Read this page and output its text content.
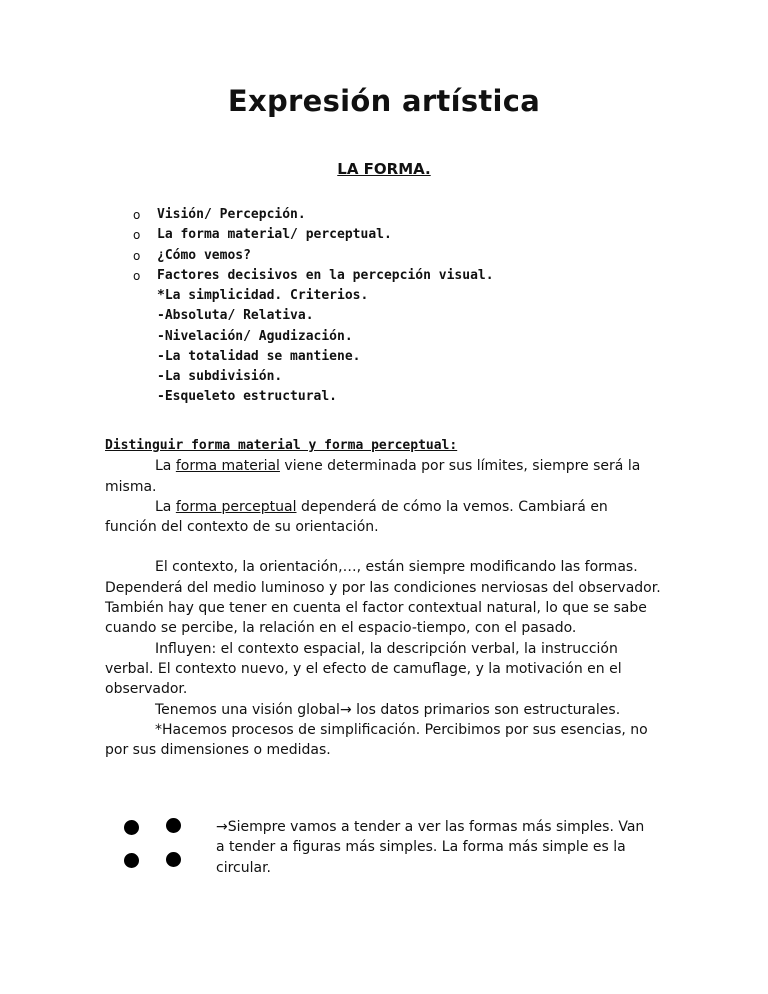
Expresión artística
LA FORMA.
o Visión/ Percepción.
o La forma material/ perceptual.
o ¿Cómo vemos?
o Factores decisivos en la percepción visual.
*La simplicidad. Criterios.
-Absoluta/ Relativa.
-Nivelación/ Agudización.
-La totalidad se mantiene.
-La subdivisión.
-Esqueleto estructural.

Distinguir forma material y forma perceptual:

La forma material viene determinada por sus límites, siempre será la misma.

La forma perceptual dependerá de cómo la vemos. Cambiará en función del contexto de su orientación.

El contexto, la orientación,…, están siempre modificando las formas. Dependerá del medio luminoso y por las condiciones nerviosas del observador. También hay que tener en cuenta el factor contextual natural, lo que se sabe cuando se percibe, la relación en el espacio-tiempo, con el pasado.

Influyen: el contexto espacial, la descripción verbal, la instrucción verbal. El contexto nuevo, y el efecto de camuflage, y la motivación en el observador.

Tenemos una visión global→ los datos primarios son estructurales.

*Hacemos procesos de simplificación. Percibimos por sus esencias, no por sus dimensiones o medidas.

→Siempre vamos a tender a ver las formas más simples. Van a tender a figuras más simples. La forma más simple es la circular.
